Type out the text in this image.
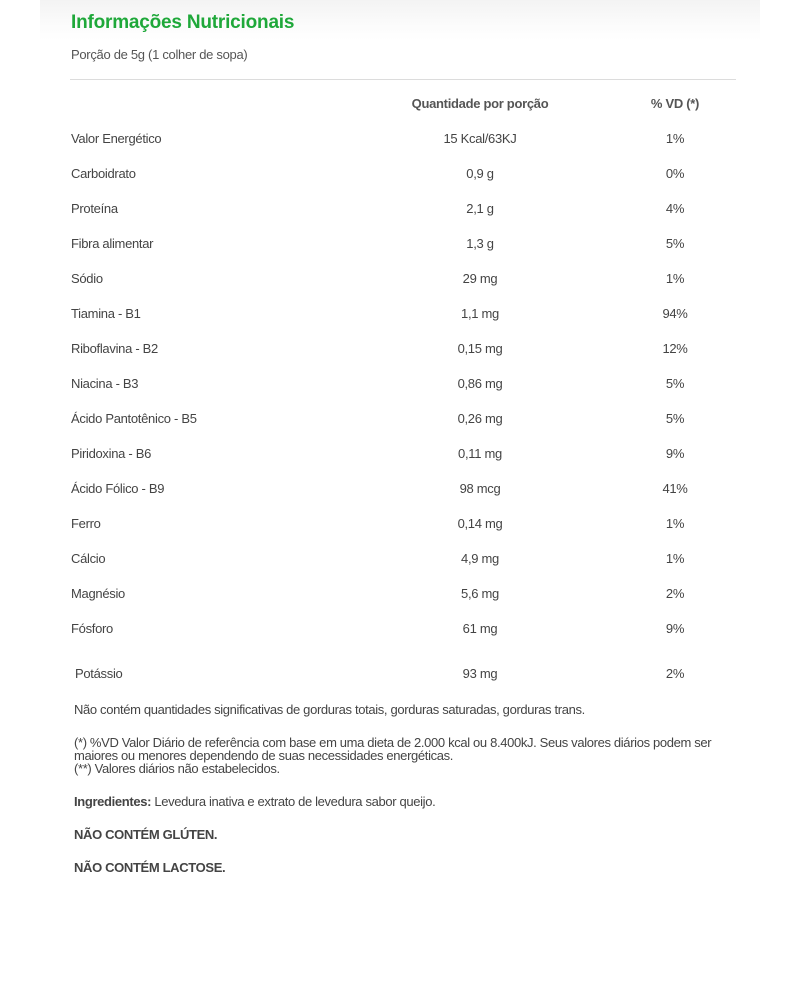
Informações Nutricionais
Porção de 5g (1 colher de sopa)
Quantidade por porção	% VD (*)
Valor Energético	15 Kcal/63KJ	1%
Carboidrato	0,9 g	0%
Proteína	2,1 g	4%
Fibra alimentar	1,3 g	5%
Sódio	29 mg	1%
Tiamina - B1	1,1 mg	94%
Riboflavina - B2	0,15 mg	12%
Niacina - B3	0,86 mg	5%
Ácido Pantotênico - B5	0,26 mg	5%
Piridoxina - B6	0,11 mg	9%
Ácido Fólico - B9	98 mcg	41%
Ferro	0,14 mg	1%
Cálcio	4,9 mg	1%
Magnésio	5,6 mg	2%
Fósforo	61 mg	9%
Potássio	93 mg	2%

Não contém quantidades significativas de gorduras totais, gorduras saturadas, gorduras trans.

(*) %VD Valor Diário de referência com base em uma dieta de 2.000 kcal ou 8.400kJ. Seus valores diários podem ser maiores ou menores dependendo de suas necessidades energéticas.
(**) Valores diários não estabelecidos.

Ingredientes: Levedura inativa e extrato de levedura sabor queijo.

NÃO CONTÉM GLÚTEN.

NÃO CONTÉM LACTOSE.
